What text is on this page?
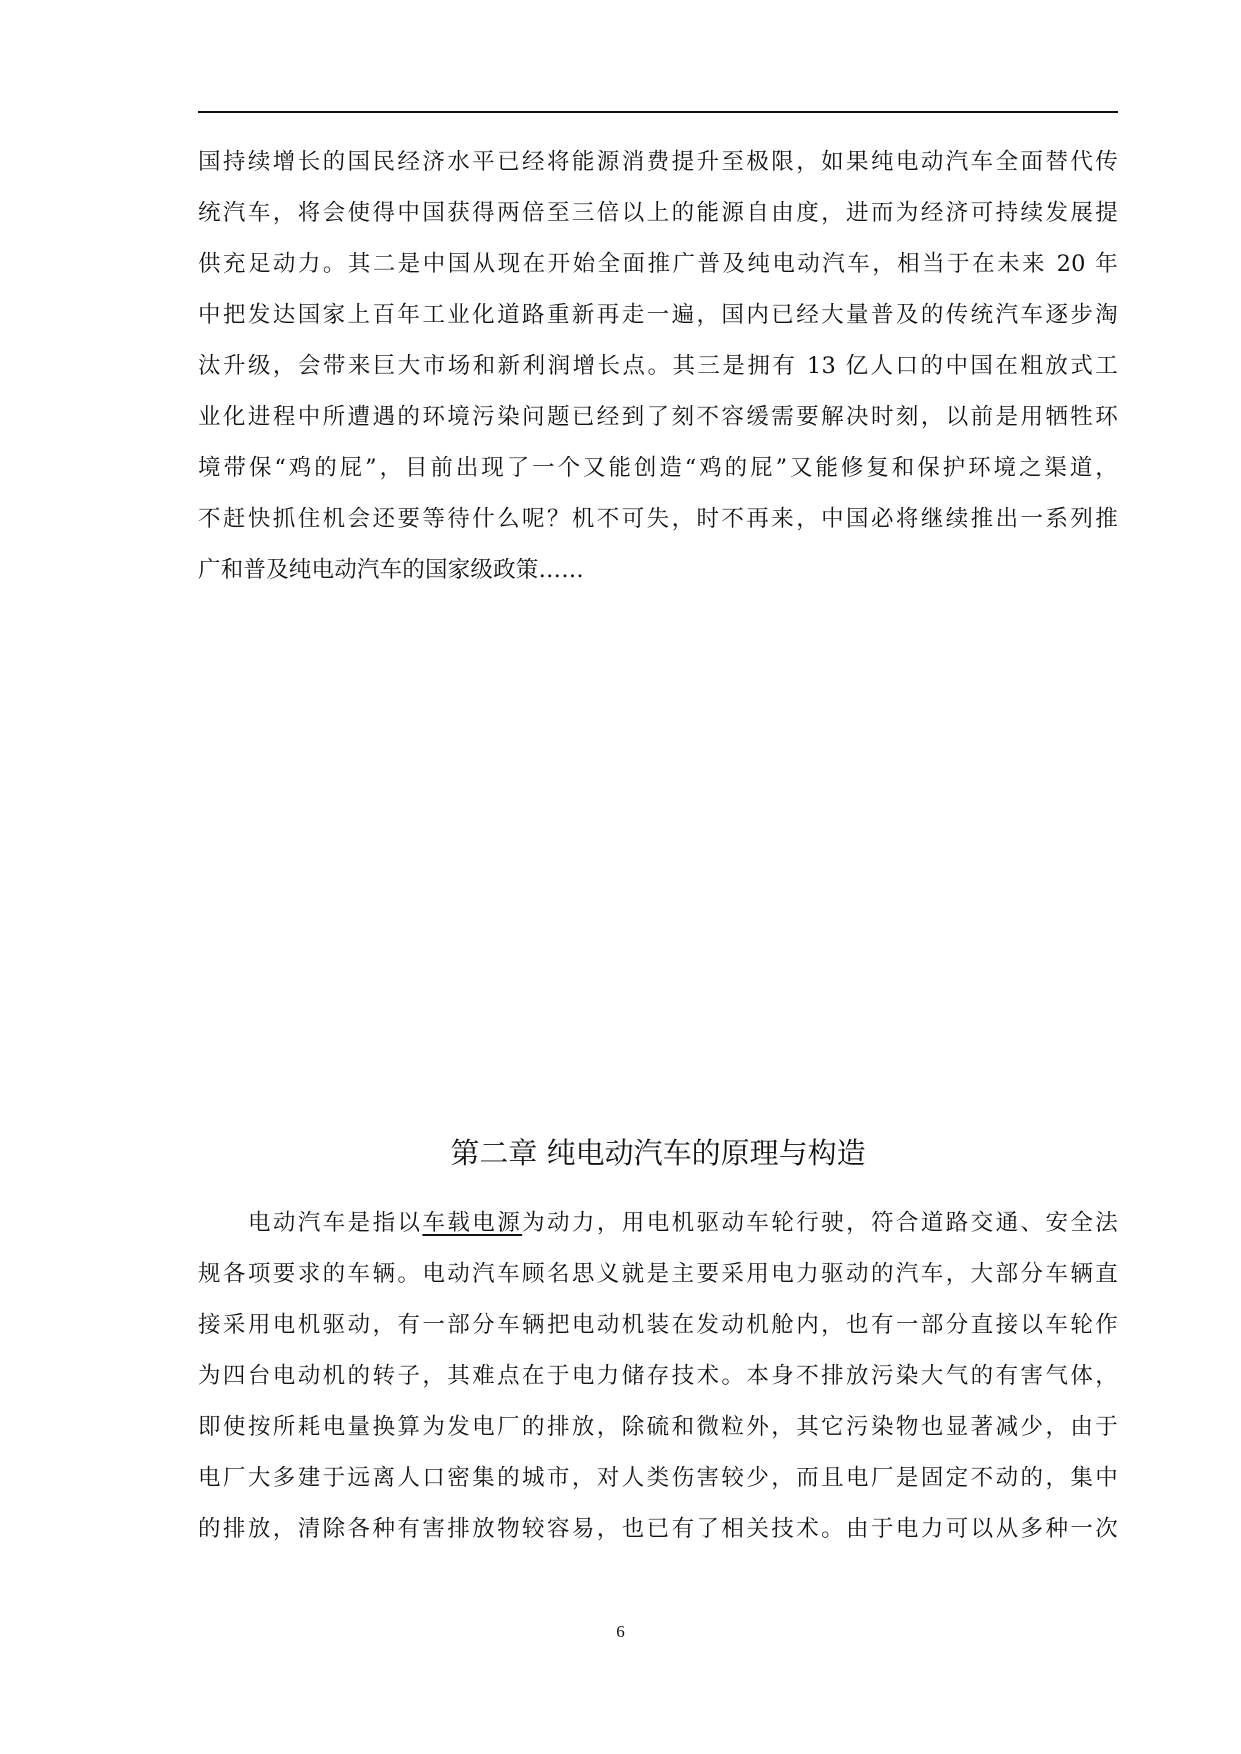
国持续增长的国民经济水平已经将能源消费提升至极限，如果纯电动汽车全面替代传
统汽车，将会使得中国获得两倍至三倍以上的能源自由度，进而为经济可持续发展提
供充足动力。其二是中国从现在开始全面推广普及纯电动汽车，相当于在未来 20 年
中把发达国家上百年工业化道路重新再走一遍，国内已经大量普及的传统汽车逐步淘
汰升级，会带来巨大市场和新利润增长点。其三是拥有 13 亿人口的中国在粗放式工
业化进程中所遭遇的环境污染问题已经到了刻不容缓需要解决时刻，以前是用牺牲环
境带保“鸡的屁”，目前出现了一个又能创造“鸡的屁”又能修复和保护环境之渠道，
不赶快抓住机会还要等待什么呢？机不可失，时不再来，中国必将继续推出一系列推
广和普及纯电动汽车的国家级政策……
第二章 纯电动汽车的原理与构造
电动汽车是指以车载电源为动力，用电机驱动车轮行驶，符合道路交通、安全法
规各项要求的车辆。电动汽车顾名思义就是主要采用电力驱动的汽车，大部分车辆直
接采用电机驱动，有一部分车辆把电动机装在发动机舱内，也有一部分直接以车轮作
为四台电动机的转子，其难点在于电力储存技术。本身不排放污染大气的有害气体，
即使按所耗电量换算为发电厂的排放，除硫和微粒外，其它污染物也显著减少，由于
电厂大多建于远离人口密集的城市，对人类伤害较少，而且电厂是固定不动的，集中
的排放，清除各种有害排放物较容易，也已有了相关技术。由于电力可以从多种一次
6
